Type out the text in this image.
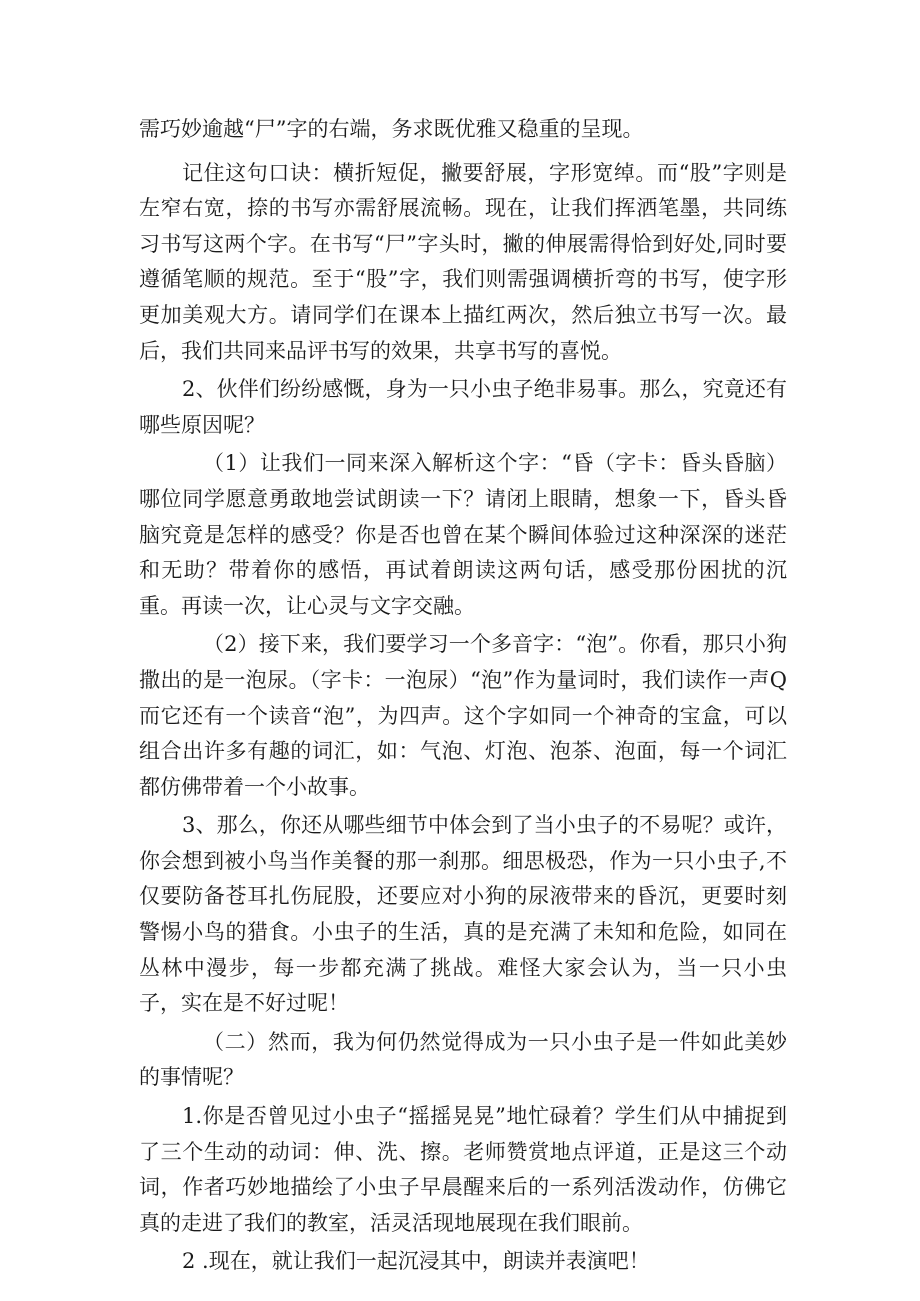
需巧妙逾越“尸”字的右端，务求既优雅又稳重的呈现。

记住这句口诀：横折短促，撇要舒展，字形宽绰。而“股”字则是左窄右宽，捺的书写亦需舒展流畅。现在，让我们挥洒笔墨，共同练习书写这两个字。在书写“尸”字头时，撇的伸展需得恰到好处,同时要遵循笔顺的规范。至于“股”字，我们则需强调横折弯的书写，使字形更加美观大方。请同学们在课本上描红两次，然后独立书写一次。最后，我们共同来品评书写的效果，共享书写的喜悦。

2、伙伴们纷纷感慨，身为一只小虫子绝非易事。那么，究竟还有哪些原因呢？

（1）让我们一同来深入解析这个字：“昏（字卡：昏头昏脑）哪位同学愿意勇敢地尝试朗读一下？请闭上眼睛，想象一下，昏头昏脑究竟是怎样的感受？你是否也曾在某个瞬间体验过这种深深的迷茫和无助？带着你的感悟，再试着朗读这两句话，感受那份困扰的沉重。再读一次，让心灵与文字交融。

（2）接下来，我们要学习一个多音字：“泡”。你看，那只小狗撒出的是一泡尿。（字卡：一泡尿）“泡”作为量词时，我们读作一声Q而它还有一个读音“泡”，为四声。这个字如同一个神奇的宝盒，可以组合出许多有趣的词汇，如：气泡、灯泡、泡茶、泡面，每一个词汇都仿佛带着一个小故事。

3、那么，你还从哪些细节中体会到了当小虫子的不易呢？或许，你会想到被小鸟当作美餐的那一刹那。细思极恐，作为一只小虫子,不仅要防备苍耳扎伤屁股，还要应对小狗的尿液带来的昏沉，更要时刻警惕小鸟的猎食。小虫子的生活，真的是充满了未知和危险，如同在丛林中漫步，每一步都充满了挑战。难怪大家会认为，当一只小虫子，实在是不好过呢！

（二）然而，我为何仍然觉得成为一只小虫子是一件如此美妙的事情呢？

1.你是否曾见过小虫子“摇摇晃晃”地忙碌着？学生们从中捕捉到了三个生动的动词：伸、洗、擦。老师赞赏地点评道，正是这三个动词，作者巧妙地描绘了小虫子早晨醒来后的一系列活泼动作，仿佛它真的走进了我们的教室，活灵活现地展现在我们眼前。

2 .现在，就让我们一起沉浸其中，朗读并表演吧！
